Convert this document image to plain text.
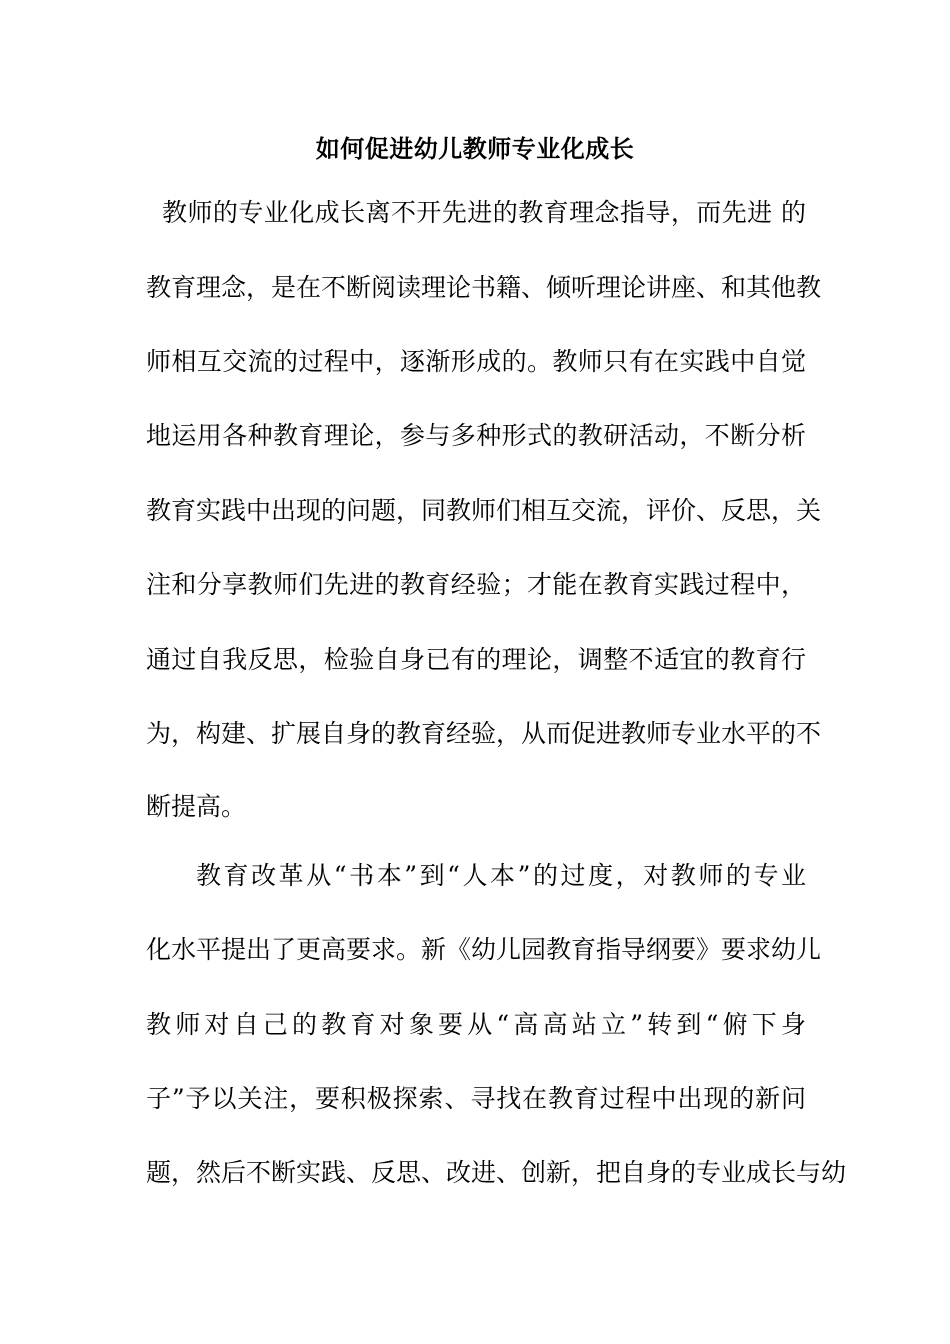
如何促进幼儿教师专业化成长
教师的专业化成长离不开先进的教育理念指导，而先进 的
教育理念，是在不断阅读理论书籍、倾听理论讲座、和其他教
师相互交流的过程中，逐渐形成的。教师只有在实践中自觉
地运用各种教育理论，参与多种形式的教研活动，不断分析
教育实践中出现的问题，同教师们相互交流，评价、反思，关
注和分享教师们先进的教育经验；才能在教育实践过程中，
通过自我反思，检验自身已有的理论，调整不适宜的教育行
为，构建、扩展自身的教育经验，从而促进教师专业水平的不
断提高。
教育改革从“书本”到“人本”的过度，对教师的专业
化水平提出了更高要求。新《幼儿园教育指导纲要》要求幼儿
教师对自己的教育对象要从“高高站立”转到“俯下身
子”予以关注，要积极探索、寻找在教育过程中出现的新问
题，然后不断实践、反思、改进、创新，把自身的专业成长与幼
